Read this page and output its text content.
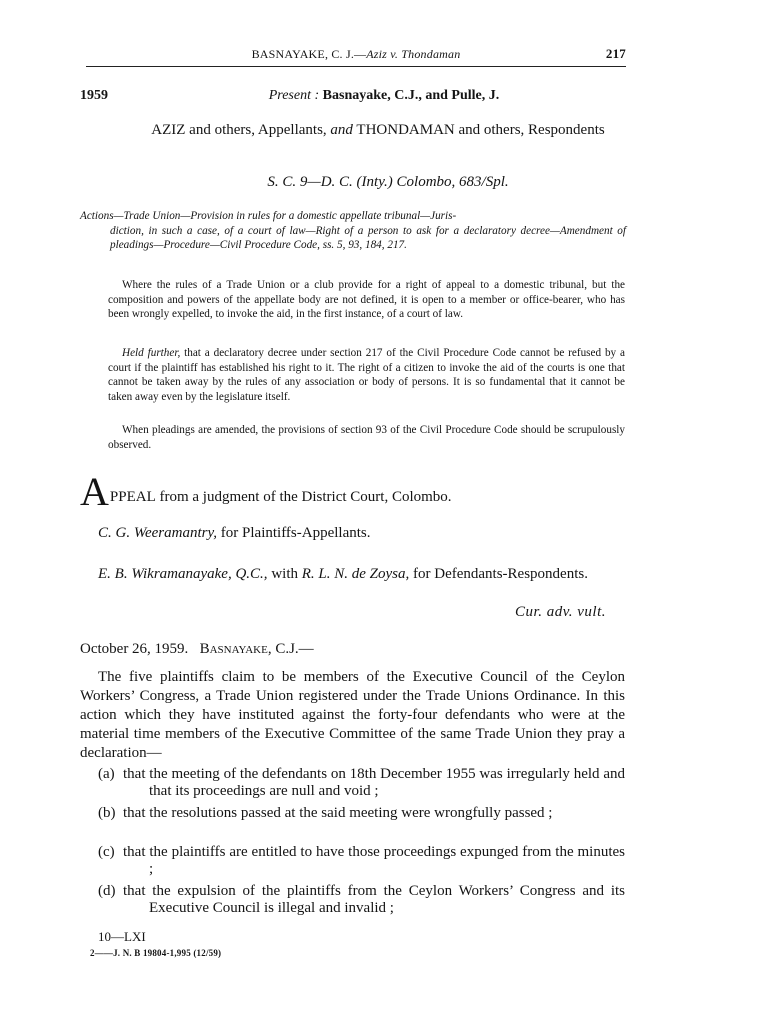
BASNAYAKE, C. J.—Aziz v. Thondaman	217
1959	Present : Basnayake, C.J., and Pulle, J.
AZIZ and others, Appellants, and THONDAMAN and others, Respondents
S. C. 9—D. C. (Inty.) Colombo, 683/Spl.
Actions—Trade Union—Provision in rules for a domestic appellate tribunal—Juris-
diction, in such a case, of a court of law—Right of a person to ask for a declaratory decree—Amendment of pleadings—Procedure—Civil Procedure Code, ss. 5, 93, 184, 217.
Where the rules of a Trade Union or a club provide for a right of appeal to a domestic tribunal, but the composition and powers of the appellate body are not defined, it is open to a member or office-bearer, who has been wrongly expelled, to invoke the aid, in the first instance, of a court of law.
Held further, that a declaratory decree under section 217 of the Civil Procedure Code cannot be refused by a court if the plaintiff has established his right to it. The right of a citizen to invoke the aid of the courts is one that cannot be taken away by the rules of any association or body of persons. It is so fundamental that it cannot be taken away even by the legislature itself.
When pleadings are amended, the provisions of section 93 of the Civil Procedure Code should be scrupulously observed.
APPEAL from a judgment of the District Court, Colombo.
C. G. Weeramantry, for Plaintiffs-Appellants.
E. B. Wikramanayake, Q.C., with R. L. N. de Zoysa, for Defendants-Respondents.
Cur. adv. vult.
October 26, 1959. Basnayake, C.J.—
The five plaintiffs claim to be members of the Executive Council of the Ceylon Workers’ Congress, a Trade Union registered under the Trade Unions Ordinance. In this action which they have instituted against the forty-four defendants who were at the material time members of the Executive Committee of the same Trade Union they pray a declaration—
(a) that the meeting of the defendants on 18th December 1955 was irregularly held and that its proceedings are null and void ;
(b) that the resolutions passed at the said meeting were wrongfully passed ;
(c) that the plaintiffs are entitled to have those proceedings expunged from the minutes ;
(d) that the expulsion of the plaintiffs from the Ceylon Workers’ Congress and its Executive Council is illegal and invalid ;
10—LXI
2——J. N. B 19804-1,995 (12/59)
